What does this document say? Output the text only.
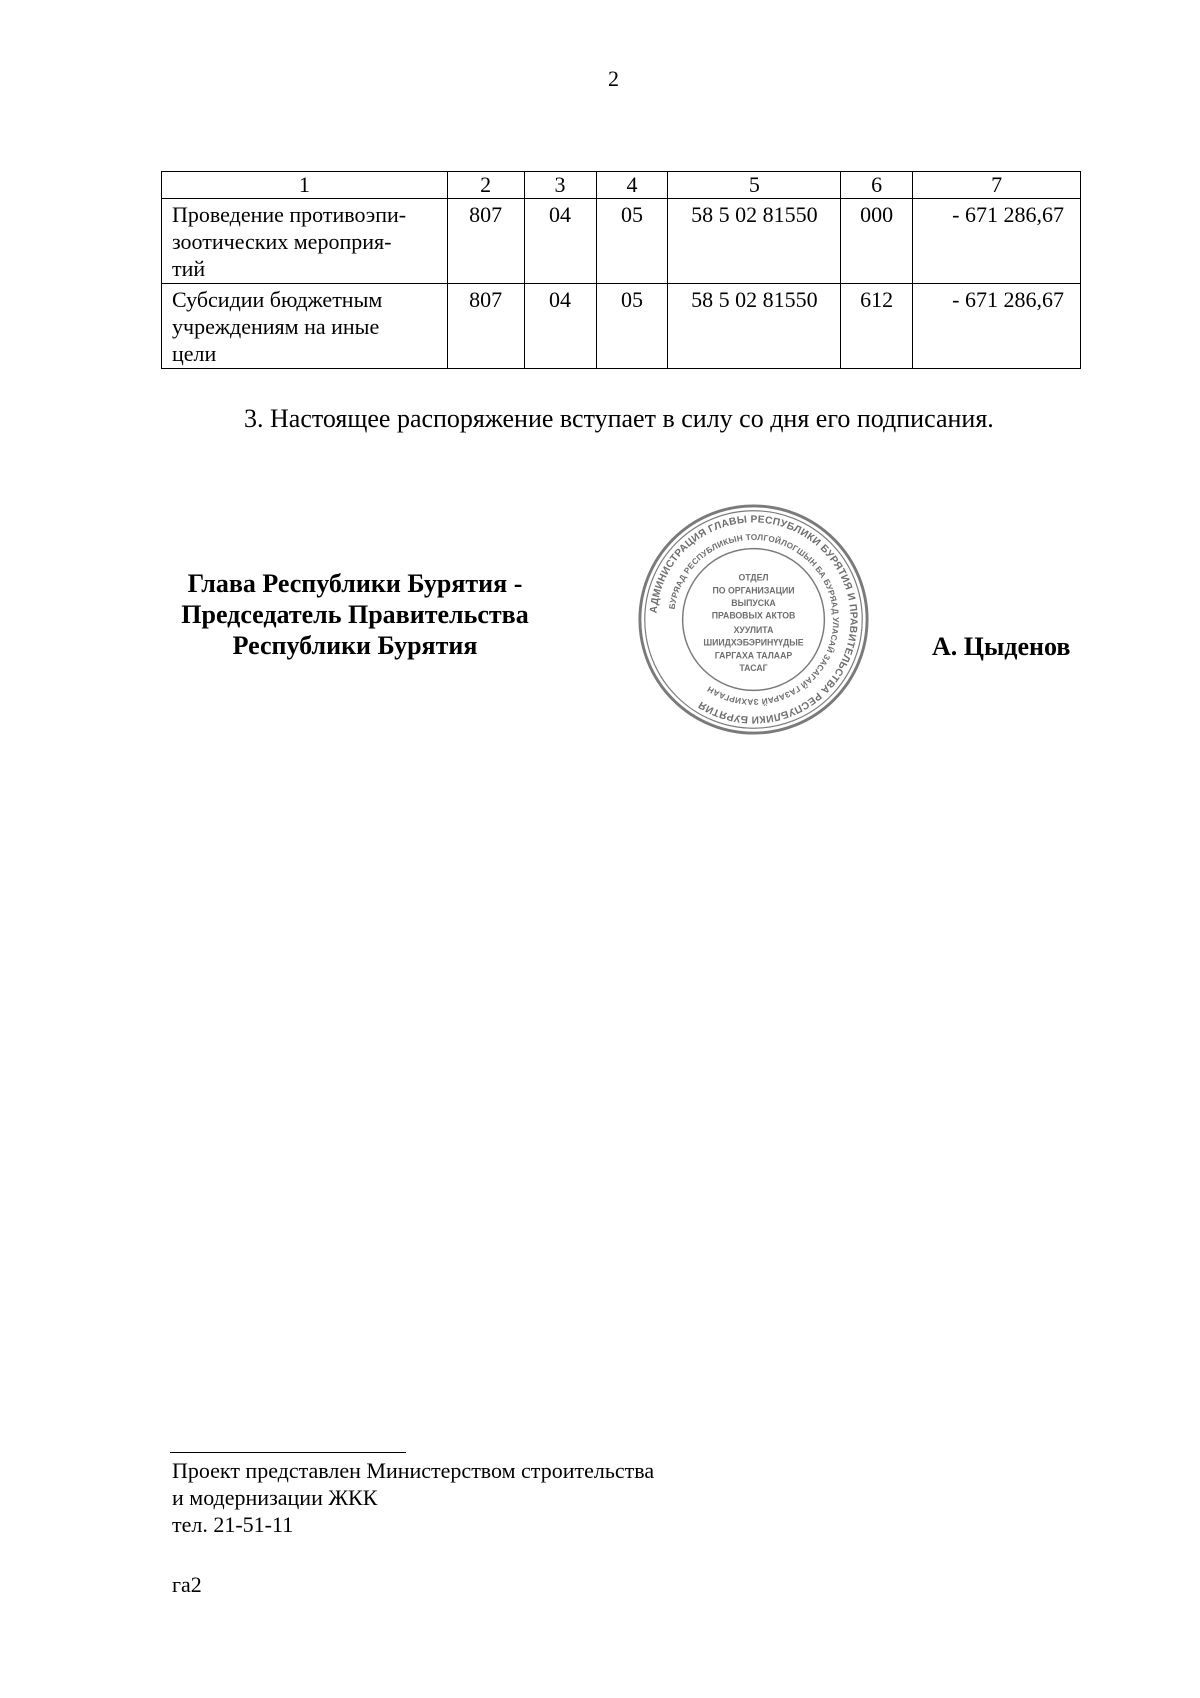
2
1	2	3	4	5	6	7

Проведение противоэпи-
зоотических мероприя-
тий	807	04	05	58 5 02 81550	000	- 671 286,67

Субсидии бюджетным
учреждениям на иные
цели	807	04	05	58 5 02 81550	612	- 671 286,67
3. Настоящее распоряжение вступает в силу со дня его подписания.
Глава Республики Бурятия -
Председатель Правительства
Республики Бурятия
АДМИНИСТРАЦИЯ ГЛАВЫ РЕСПУБЛИКИ БУРЯТИЯ И ПРАВИТЕЛЬСТВА РЕСПУБЛИКИ БУРЯТИЯ
БУРЯАД РЕСПУБЛИКЫН ТОЛГОЙЛОГШЫН БА БУРЯАД УЛАСАЙ ЗАСАГАЙ ГАЗАРАЙ ЗАХИРГААН
ОТДЕЛ
ПО ОРГАНИЗАЦИИ
ВЫПУСКА
ПРАВОВЫХ АКТОВ
ХУУЛИТА
ШИИДХЭБЭРИНҮҮДЫЕ
ГАРГАХА ТАЛААР
ТАСАГ
А. Цыденов
Проект представлен Министерством строительства
и модернизации ЖКК
тел. 21-51-11
га2
